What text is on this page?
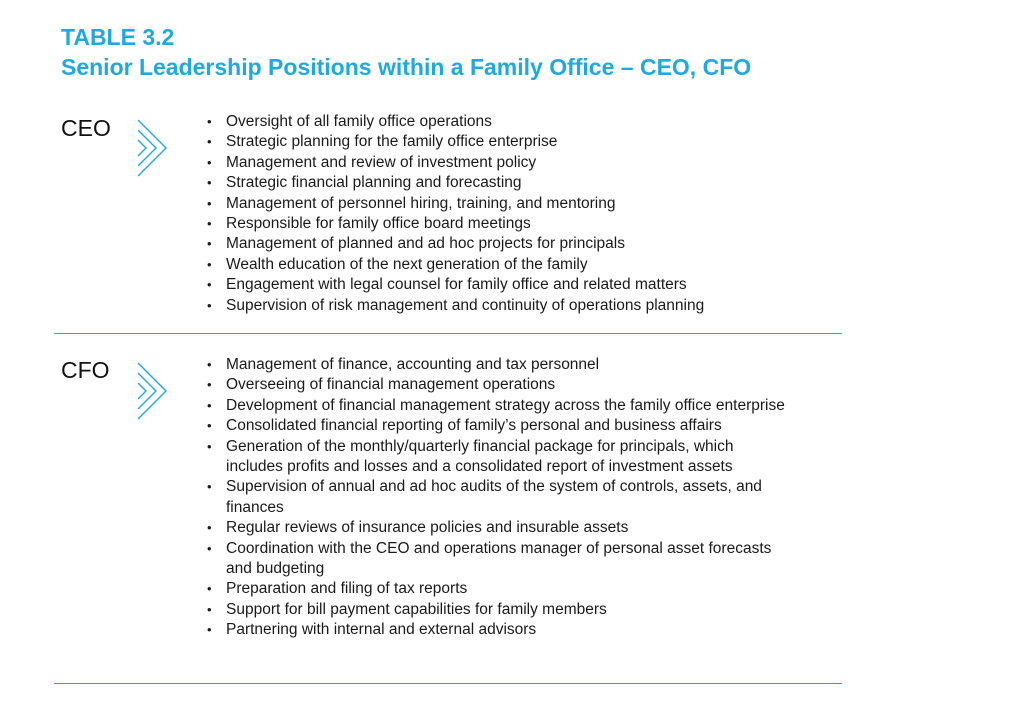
TABLE 3.2
Senior Leadership Positions within a Family Office – CEO, CFO
CEO	• Oversight of all family office operations
• Strategic planning for the family office enterprise
• Management and review of investment policy
• Strategic financial planning and forecasting
• Management of personnel hiring, training, and mentoring
• Responsible for family office board meetings
• Management of planned and ad hoc projects for principals
• Wealth education of the next generation of the family
• Engagement with legal counsel for family office and related matters
• Supervision of risk management and continuity of operations planning
CFO	• Management of finance, accounting and tax personnel
• Overseeing of financial management operations
• Development of financial management strategy across the family office enterprise
• Consolidated financial reporting of family’s personal and business affairs
• Generation of the monthly/quarterly financial package for principals, which includes profits and losses and a consolidated report of investment assets
• Supervision of annual and ad hoc audits of the system of controls, assets, and finances
• Regular reviews of insurance policies and insurable assets
• Coordination with the CEO and operations manager of personal asset forecasts and budgeting
• Preparation and filing of tax reports
• Support for bill payment capabilities for family members
• Partnering with internal and external advisors
